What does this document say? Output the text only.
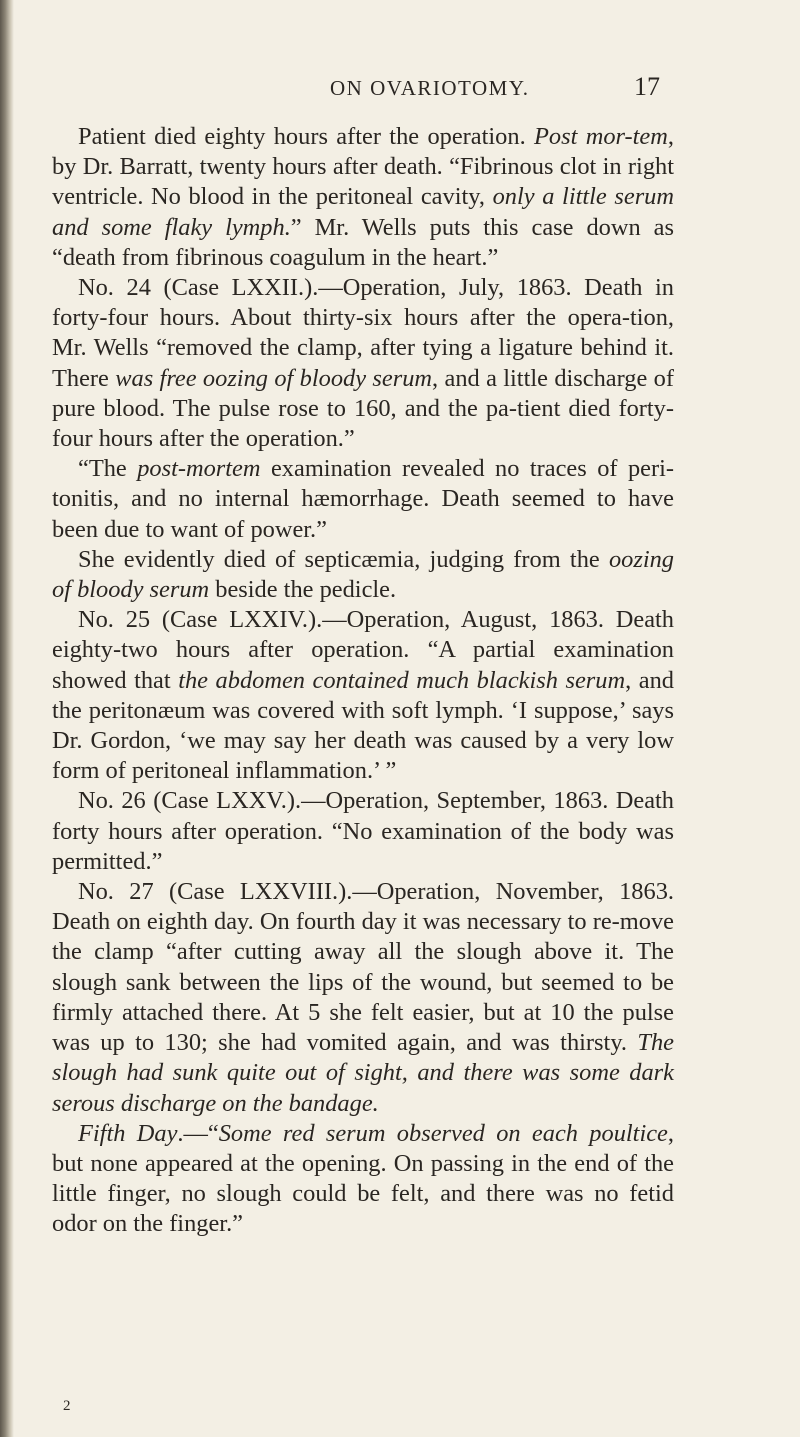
ON OVARIOTOMY.	17

Patient died eighty hours after the operation. Post mor-tem, by Dr. Barratt, twenty hours after death. “Fibrinous clot in right ventricle. No blood in the peritoneal cavity, only a little serum and some flaky lymph.” Mr. Wells puts this case down as “death from fibrinous coagulum in the heart.”

No. 24 (Case LXXII.).—Operation, July, 1863. Death in forty-four hours. About thirty-six hours after the opera-tion, Mr. Wells “removed the clamp, after tying a ligature behind it. There was free oozing of bloody serum, and a little discharge of pure blood. The pulse rose to 160, and the pa-tient died forty-four hours after the operation.”

“The post-mortem examination revealed no traces of peri-tonitis, and no internal hæmorrhage. Death seemed to have been due to want of power.”

She evidently died of septicæmia, judging from the oozing of bloody serum beside the pedicle.

No. 25 (Case LXXIV.).—Operation, August, 1863. Death eighty-two hours after operation. “A partial examination showed that the abdomen contained much blackish serum, and the peritonæum was covered with soft lymph. ‘I suppose,’ says Dr. Gordon, ‘we may say her death was caused by a very low form of peritoneal inflammation.’ ”

No. 26 (Case LXXV.).—Operation, September, 1863. Death forty hours after operation. “No examination of the body was permitted.”

No. 27 (Case LXXVIII.).—Operation, November, 1863. Death on eighth day. On fourth day it was necessary to re-move the clamp “after cutting away all the slough above it. The slough sank between the lips of the wound, but seemed to be firmly attached there. At 5 she felt easier, but at 10 the pulse was up to 130; she had vomited again, and was thirsty. The slough had sunk quite out of sight, and there was some dark serous discharge on the bandage.

Fifth Day.—“Some red serum observed on each poultice, but none appeared at the opening. On passing in the end of the little finger, no slough could be felt, and there was no fetid odor on the finger.”

2
